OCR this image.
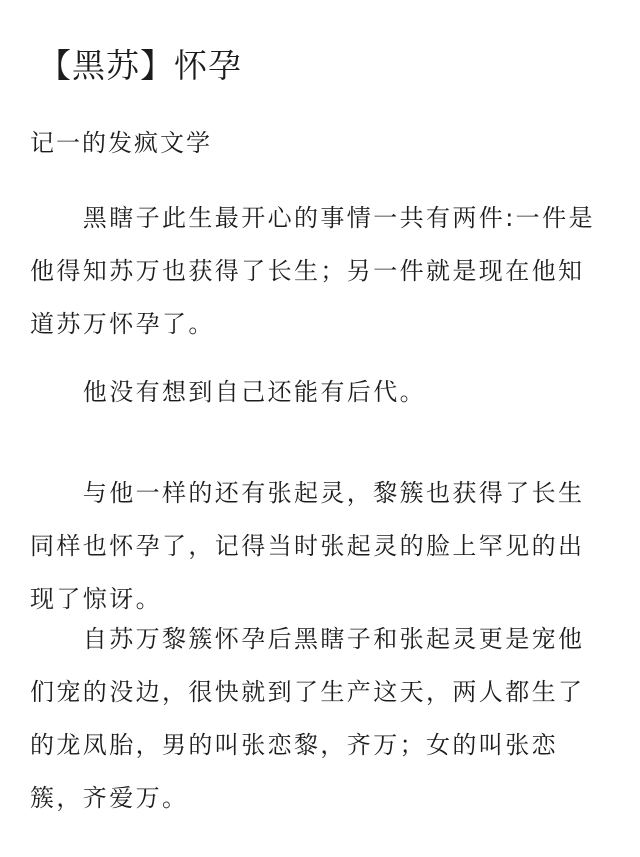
【黑苏】怀孕
记一的发疯文学

黑瞎子此生最开心的事情一共有两件:一件是他得知苏万也获得了长生；另一件就是现在他知道苏万怀孕了。

他没有想到自己还能有后代。

与他一样的还有张起灵，黎簇也获得了长生同样也怀孕了，记得当时张起灵的脸上罕见的出现了惊讶。

自苏万黎簇怀孕后黑瞎子和张起灵更是宠他们宠的没边，很快就到了生产这天，两人都生了的龙凤胎，男的叫张恋黎，齐万；女的叫张恋簇，齐爱万。
